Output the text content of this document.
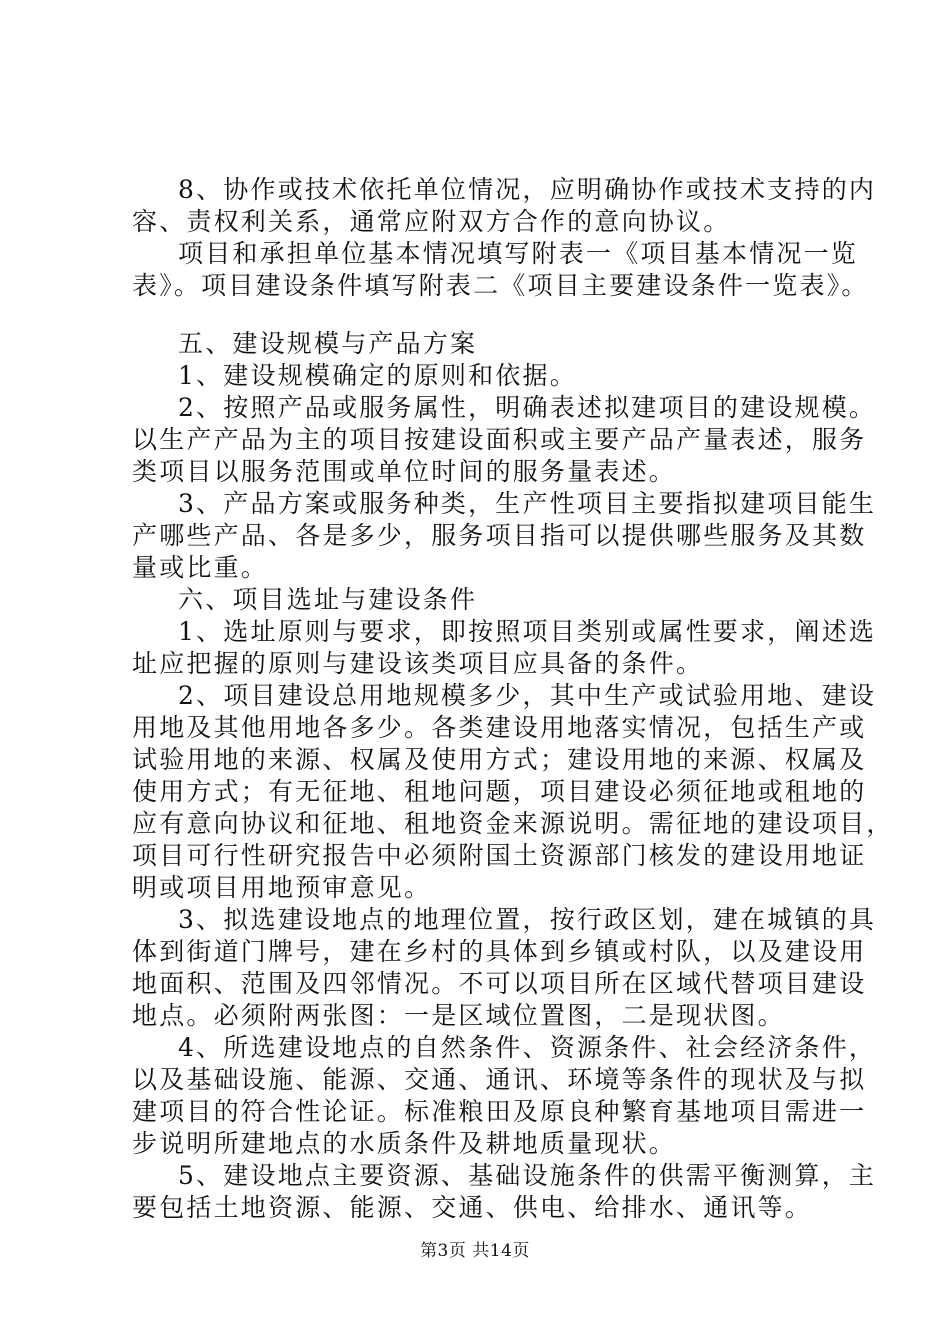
8、协作或技术依托单位情况，应明确协作或技术支持的内
容、责权利关系，通常应附双方合作的意向协议。
项目和承担单位基本情况填写附表一《项目基本情况一览
表》。项目建设条件填写附表二《项目主要建设条件一览表》。
五、建设规模与产品方案
1、建设规模确定的原则和依据。
2、按照产品或服务属性，明确表述拟建项目的建设规模。
以生产产品为主的项目按建设面积或主要产品产量表述，服务
类项目以服务范围或单位时间的服务量表述。
3、产品方案或服务种类，生产性项目主要指拟建项目能生
产哪些产品、各是多少，服务项目指可以提供哪些服务及其数
量或比重。
六、项目选址与建设条件
1、选址原则与要求，即按照项目类别或属性要求，阐述选
址应把握的原则与建设该类项目应具备的条件。
2、项目建设总用地规模多少，其中生产或试验用地、建设
用地及其他用地各多少。各类建设用地落实情况，包括生产或
试验用地的来源、权属及使用方式；建设用地的来源、权属及
使用方式；有无征地、租地问题，项目建设必须征地或租地的
应有意向协议和征地、租地资金来源说明。需征地的建设项目，
项目可行性研究报告中必须附国土资源部门核发的建设用地证
明或项目用地预审意见。
3、拟选建设地点的地理位置，按行政区划，建在城镇的具
体到街道门牌号，建在乡村的具体到乡镇或村队，以及建设用
地面积、范围及四邻情况。不可以项目所在区域代替项目建设
地点。必须附两张图：一是区域位置图，二是现状图。
4、所选建设地点的自然条件、资源条件、社会经济条件，
以及基础设施、能源、交通、通讯、环境等条件的现状及与拟
建项目的符合性论证。标准粮田及原良种繁育基地项目需进一
步说明所建地点的水质条件及耕地质量现状。
5、建设地点主要资源、基础设施条件的供需平衡测算，主
要包括土地资源、能源、交通、供电、给排水、通讯等。
第3页 共14页
